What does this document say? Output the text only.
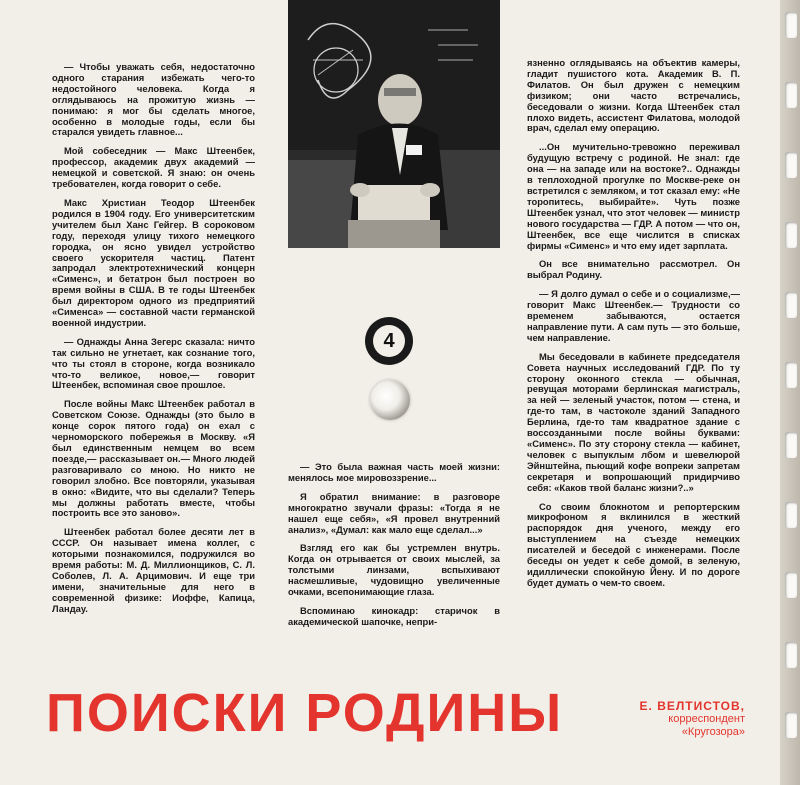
— Чтобы уважать себя, недостаточно одного старания избежать чего-то недостойного человека. Когда я оглядываюсь на прожитую жизнь — понимаю: я мог бы сделать многое, особенно в молодые годы, если бы старался увидеть главное...

Мой собеседник — Макс Штеенбек, профессор, академик двух академий — немецкой и советской. Я знаю: он очень требователен, когда говорит о себе.

Макс Христиан Теодор Штеенбек родился в 1904 году. Его университетским учителем был Ханс Гейгер. В сороковом году, переходя улицу тихого немецкого городка, он ясно увидел устройство своего ускорителя частиц. Патент запродал электротехнический концерн «Сименс», и бетатрон был построен во время войны в США. В те годы Штеенбек был директором одного из предприятий «Сименса» — составной части германской военной индустрии.

— Однажды Анна Зегерс сказала: ничто так сильно не угнетает, как сознание того, что ты стоял в стороне, когда возникало что-то великое, новое,— говорит Штеенбек, вспоминая свое прошлое.

После войны Макс Штеенбек работал в Советском Союзе. Однажды (это было в конце сорок пятого года) он ехал с черноморского побережья в Москву. «Я был единственным немцем во всем поезде,— рассказывает он.— Много людей разговаривало со мною. Но никто не говорил злобно. Все повторяли, указывая в окно: «Видите, что вы сделали? Теперь мы должны работать вместе, чтобы построить все это заново».

Штеенбек работал более десяти лет в СССР. Он называет имена коллег, с которыми познакомился, подружился во время работы: М. Д. Миллионщиков, С. Л. Соболев, Л. А. Арцимович. И еще три имени, значительные для него в современной физике: Иоффе, Капица, Ландау.

4

— Это была важная часть моей жизни: менялось мое мировоззрение...

Я обратил внимание: в разговоре многократно звучали фразы: «Тогда я не нашел еще себя», «Я провел внутренний анализ», «Думал: как мало еще сделал...»

Взгляд его как бы устремлен внутрь. Когда он отрывается от своих мыслей, за толстыми линзами, вспыхивают насмешливые, чудовищно увеличенные очками, всепонимающие глаза.

Вспоминаю кинокадр: старичок в академической шапочке, непри-

язненно оглядываясь на объектив камеры, гладит пушистого кота. Академик В. П. Филатов. Он был дружен с немецким физиком; они часто встречались, беседовали о жизни. Когда Штеенбек стал плохо видеть, ассистент Филатова, молодой врач, сделал ему операцию.

...Он мучительно-тревожно переживал будущую встречу с родиной. Не знал: где она — на западе или на востоке?.. Однажды в теплоходной прогулке по Москве-реке он встретился с земляком, и тот сказал ему: «Не торопитесь, выбирайте». Чуть позже Штеенбек узнал, что этот человек — министр нового государства — ГДР. А потом — что он, Штеенбек, все еще числится в списках фирмы «Сименс» и что ему идет зарплата.

Он все внимательно рассмотрел. Он выбрал Родину.

— Я долго думал о себе и о социализме,— говорит Макс Штеенбек.— Трудности со временем забываются, остается направление пути. А сам путь — это больше, чем направление.

Мы беседовали в кабинете председателя Совета научных исследований ГДР. По ту сторону оконного стекла — обычная, ревущая моторами берлинская магистраль, за ней — зеленый участок, потом — стена, и где-то там, в частоколе зданий Западного Берлина, где-то там квадратное здание с воссозданными после войны буквами: «Сименс». По эту сторону стекла — кабинет, человек с выпуклым лбом и шевелюрой Эйнштейна, пьющий кофе вопреки запретам секретаря и вопрошающий придирчиво себя: «Каков твой баланс жизни?..»

Со своим блокнотом и репортерским микрофоном я вклинился в жесткий распорядок дня ученого, между его выступлением на съезде немецких писателей и беседой с инженерами. После беседы он уедет к себе домой, в зеленую, идиллически спокойную Йену. И по дороге будет думать о чем-то своем.

ПОИСКИ РОДИНЫ	Е. ВЕЛТИСТОВ,
корреспондент
«Кругозора»
